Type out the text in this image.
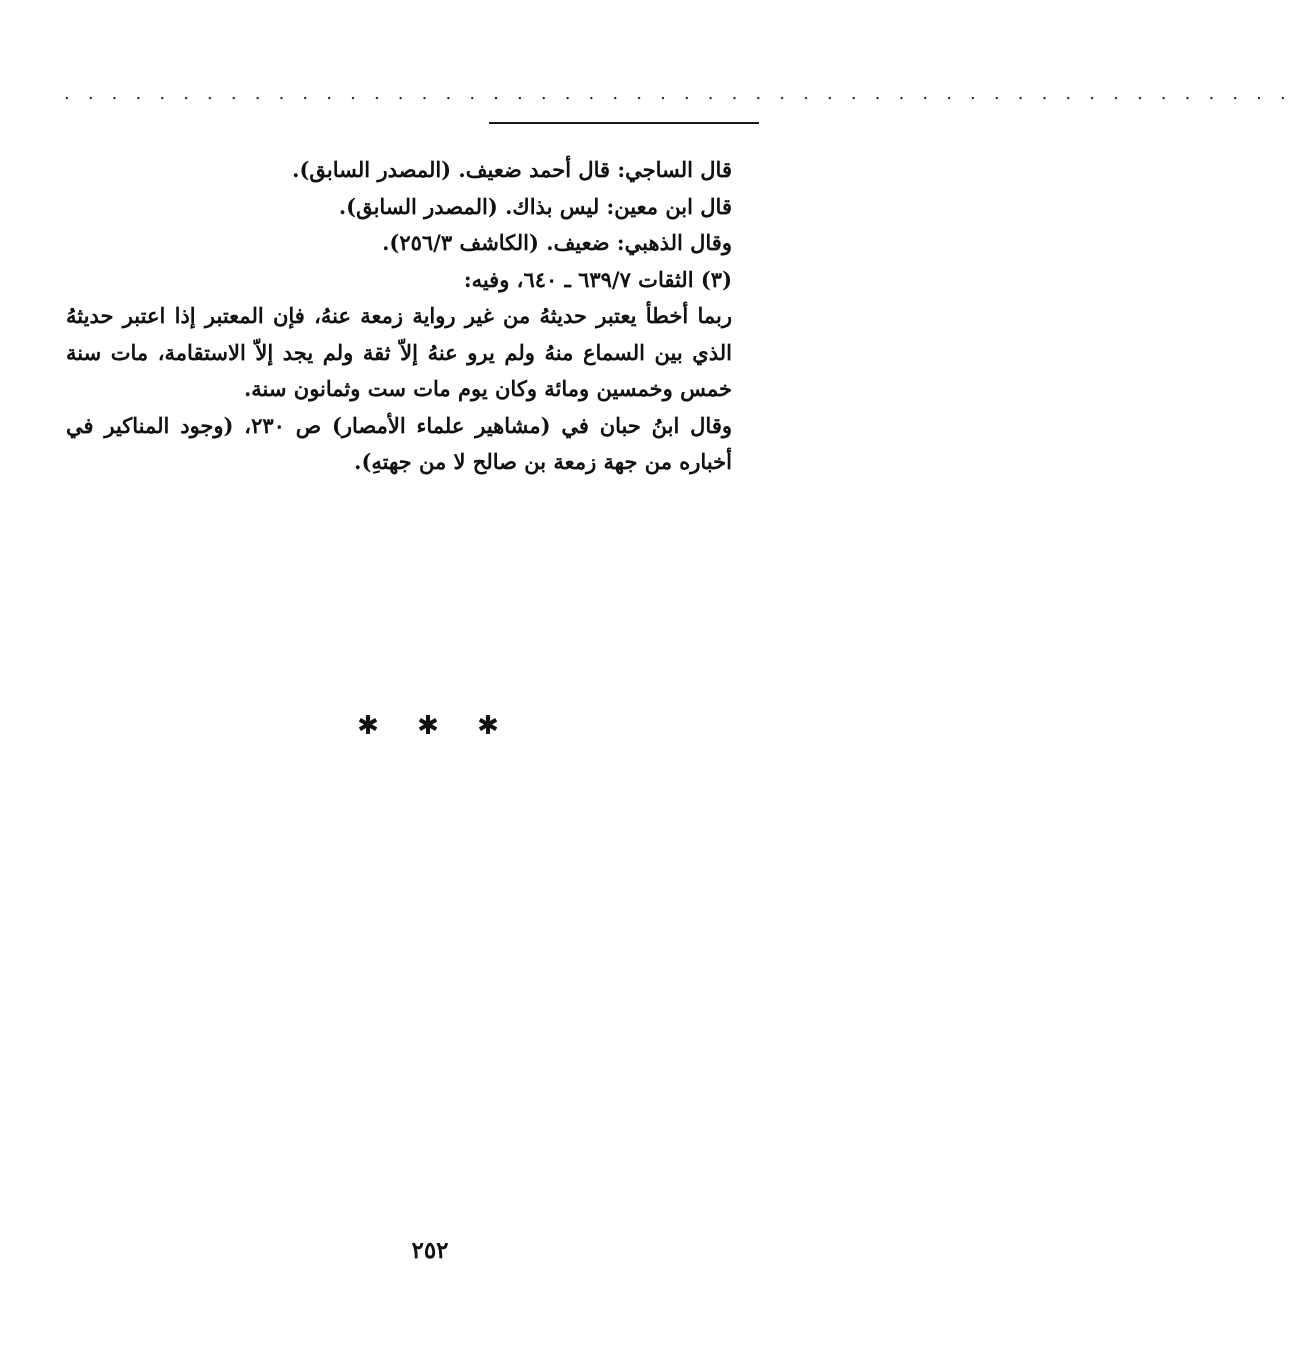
. . . . . . . . . . . . . . . . . . . . . . . . . . . . . . . . . . . . . . . . . . . . . . . . . . . .

قال الساجي: قال أحمد ضعيف. (المصدر السابق).

قال ابن معين: ليس بذاك. (المصدر السابق).

وقال الذهبي: ضعيف. (الكاشف ٢٥٦/٣).

(٣) الثقات ٦٣٩/٧ ـ ٦٤٠، وفيه:

ربما أخطأ يعتبر حديثهُ من غير رواية زمعة عنهُ، فإن المعتبر إذا اعتبر حديثهُ الذي بين السماع منهُ ولم يرو عنهُ إلاّ ثقة ولم يجد إلاّ الاستقامة، مات سنة خمس وخمسين ومائة وكان يوم مات ست وثمانون سنة.

وقال ابنُ حبان في (مشاهير علماء الأمصار) ص ٢٣٠، (وجود المناكير في أخباره من جهة زمعة بن صالح لا من جهتهِ).

✱	✱	✱
٢٥٢
